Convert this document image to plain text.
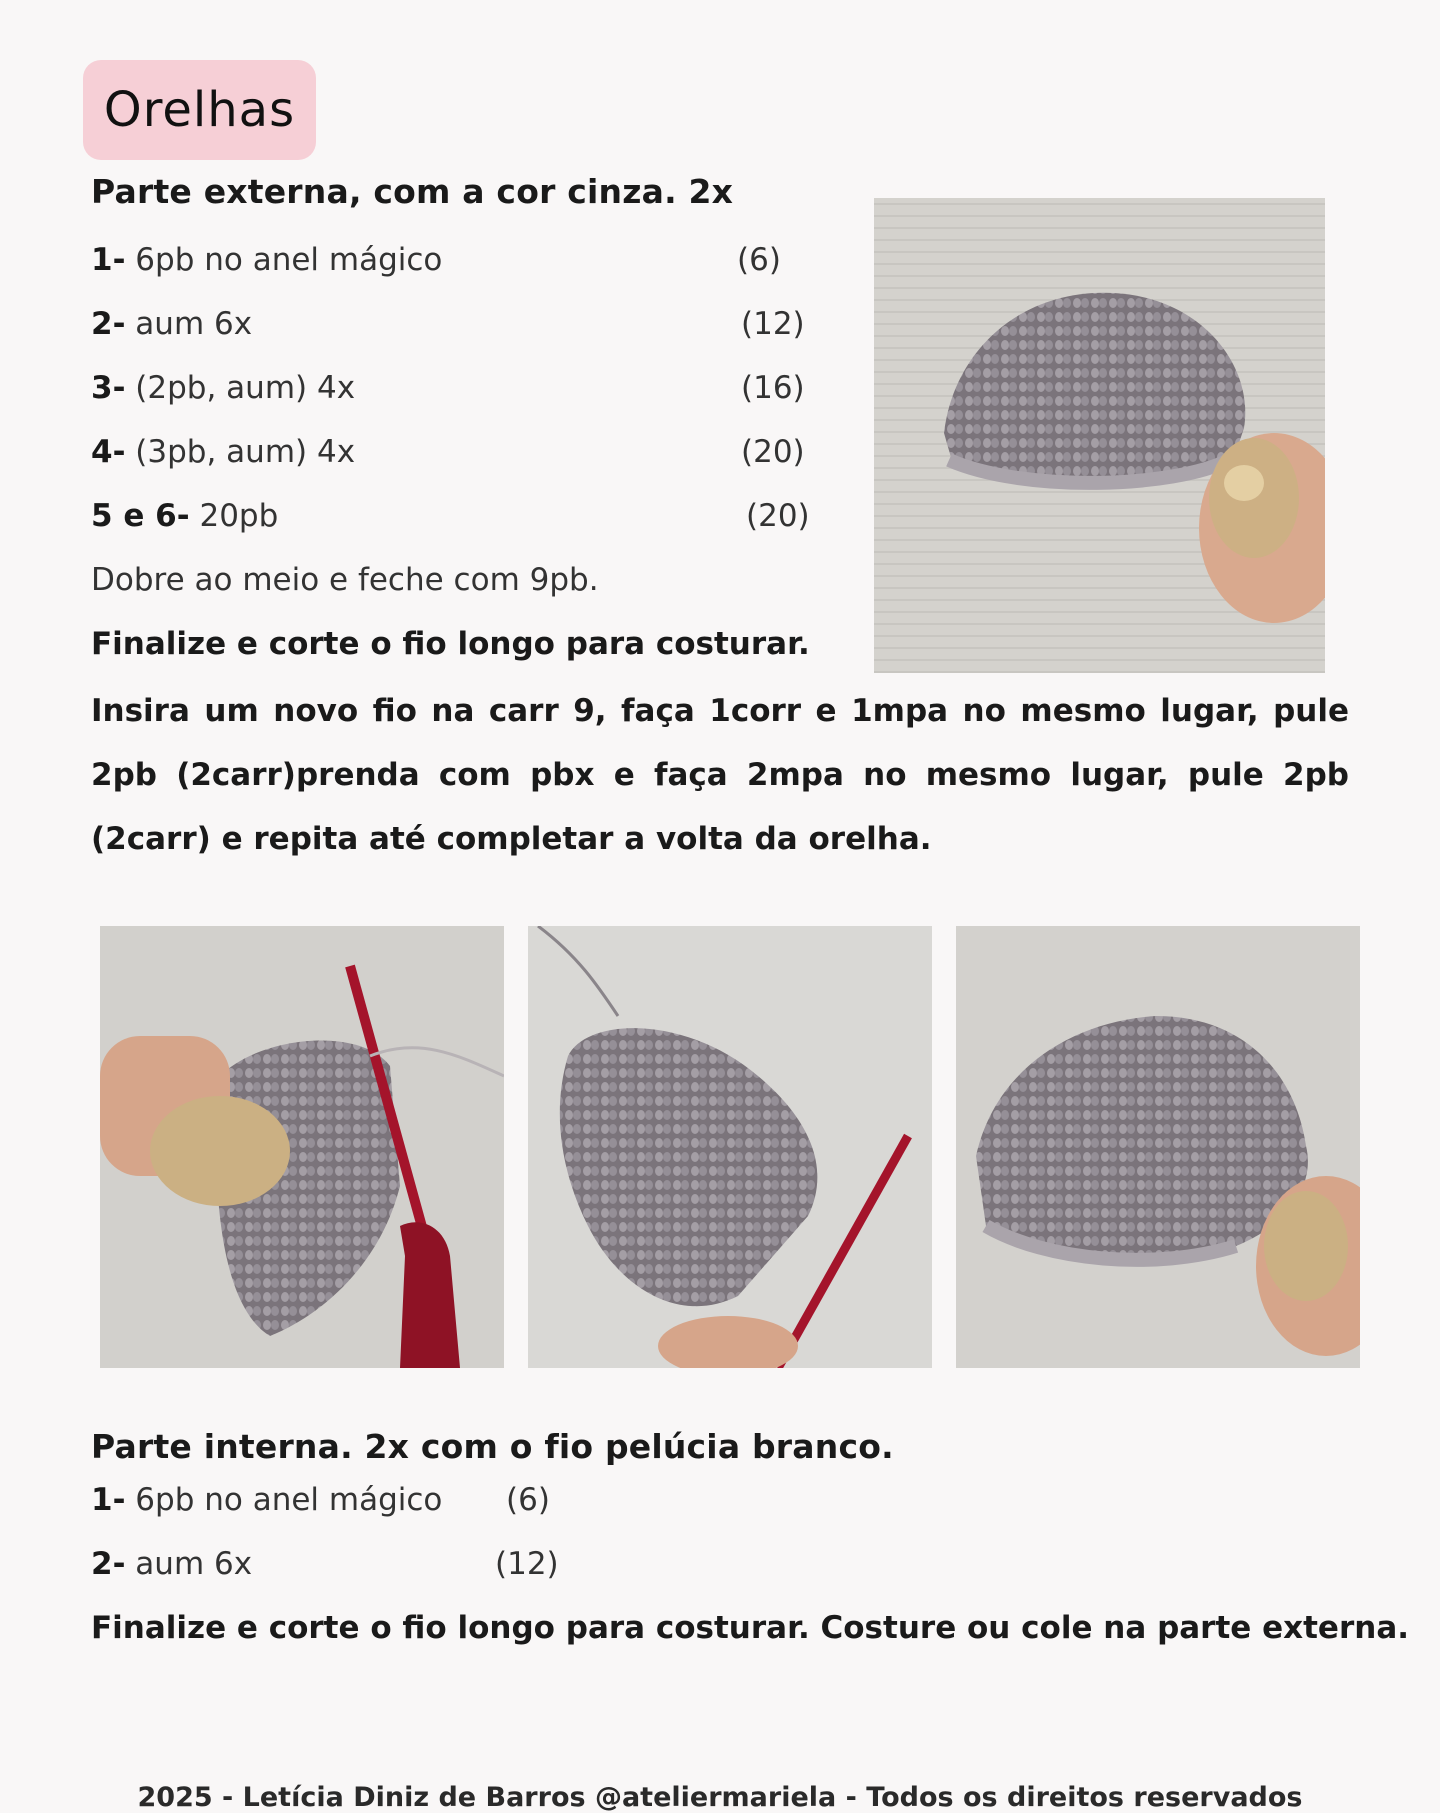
Orelhas
Parte externa, com a cor cinza. 2x
1- 6pb no anel mágico	(6)
2- aum 6x	(12)
3- (2pb, aum) 4x	(16)
4- (3pb, aum) 4x	(20)
5 e 6- 20pb	(20)
Dobre ao meio e feche com 9pb.
Finalize e corte o fio longo para costurar.

Insira um novo fio na carr 9, faça 1corr e 1mpa no mesmo lugar, pule 2pb (2carr)prenda com pbx e faça 2mpa no mesmo lugar, pule 2pb (2carr) e repita até completar a volta da orelha.

Parte interna. 2x com o fio pelúcia branco.
1- 6pb no anel mágico (6)
2- aum 6x	(12)
Finalize e corte o fio longo para costurar. Costure ou cole na parte externa.
2025 - Letícia Diniz de Barros @ateliermariela - Todos os direitos reservados
